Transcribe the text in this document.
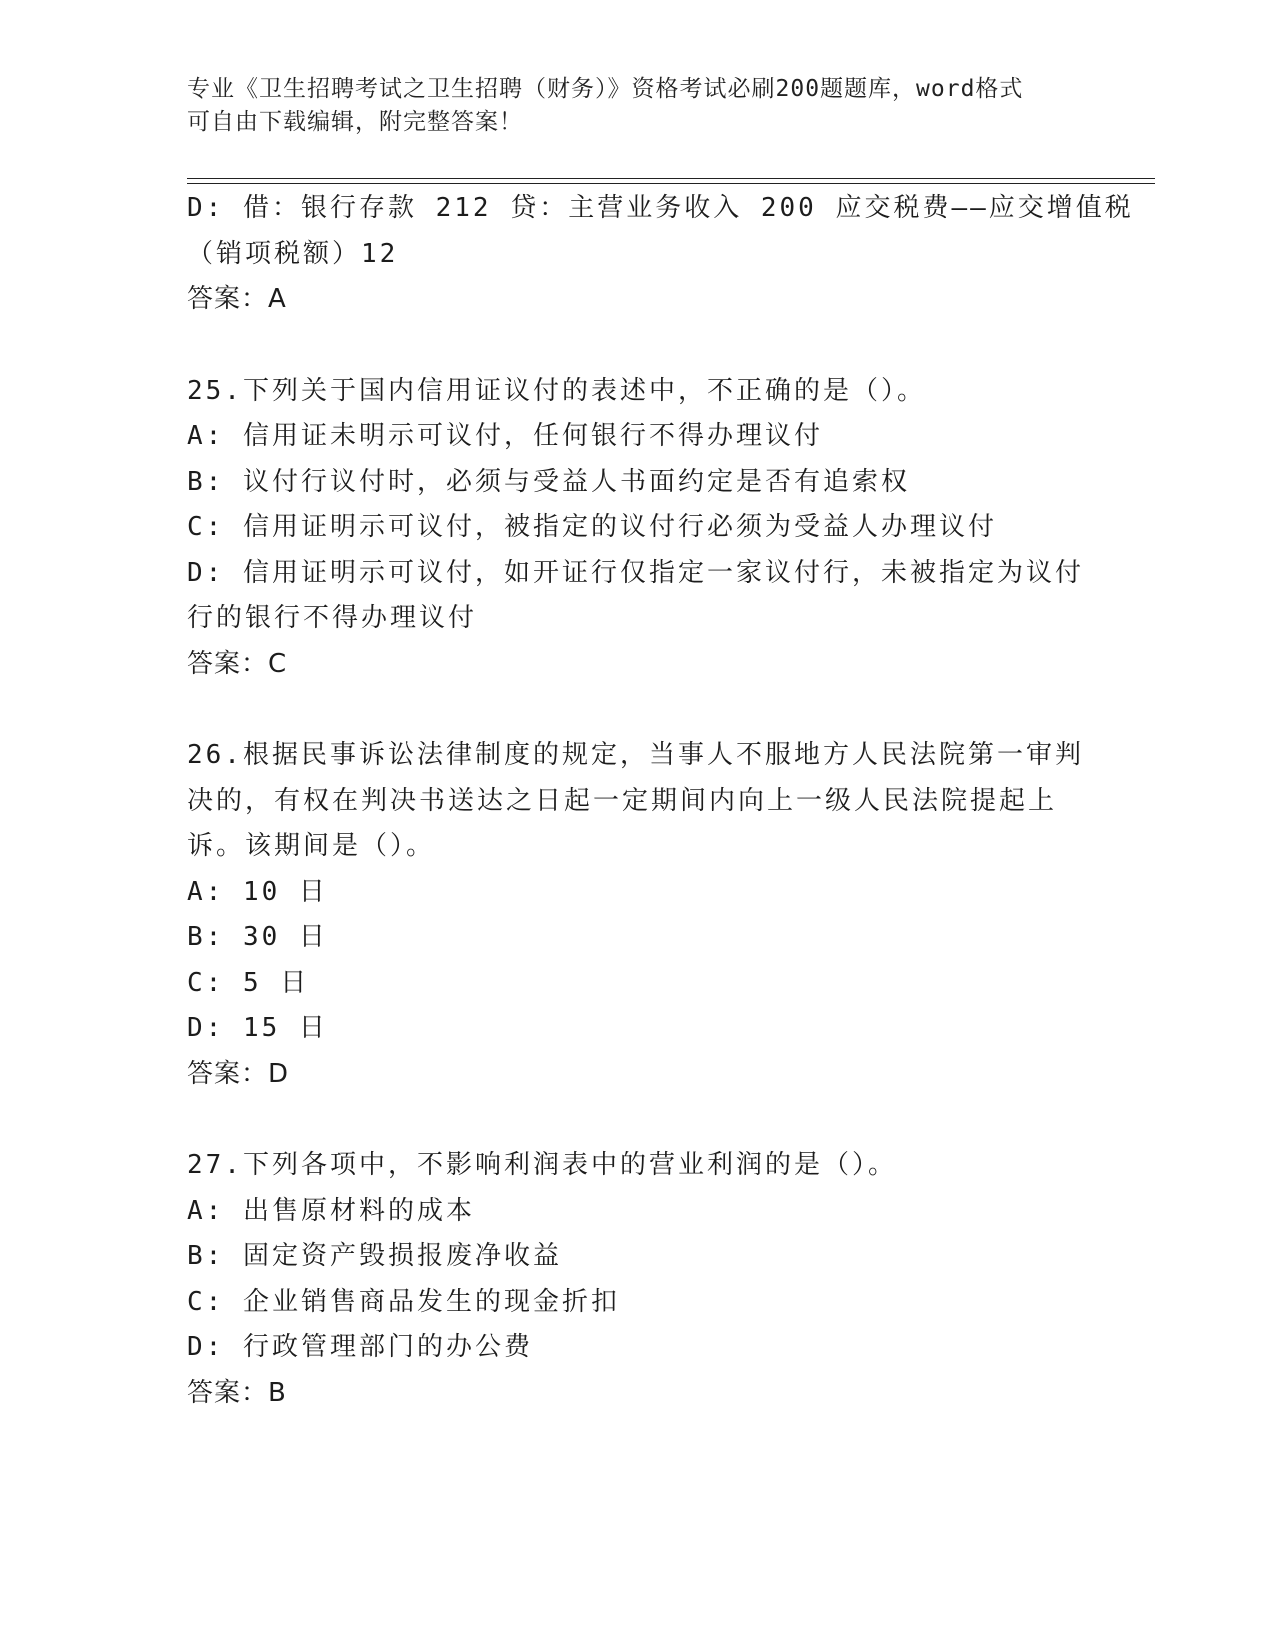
专业《卫生招聘考试之卫生招聘（财务）》资格考试必刷200题题库，word格式
可自由下载编辑，附完整答案！
D: 借：银行存款 212 贷：主营业务收入 200 应交税费——应交增值税
（销项税额）12
答案：A
25.下列关于国内信用证议付的表述中，不正确的是（）。
A: 信用证未明示可议付，任何银行不得办理议付
B: 议付行议付时，必须与受益人书面约定是否有追索权
C: 信用证明示可议付，被指定的议付行必须为受益人办理议付
D: 信用证明示可议付，如开证行仅指定一家议付行，未被指定为议付
行的银行不得办理议付
答案：C
26.根据民事诉讼法律制度的规定，当事人不服地方人民法院第一审判
决的，有权在判决书送达之日起一定期间内向上一级人民法院提起上
诉。该期间是（）。
A: 10 日
B: 30 日
C: 5 日
D: 15 日
答案：D
27.下列各项中，不影响利润表中的营业利润的是（）。
A: 出售原材料的成本
B: 固定资产毁损报废净收益
C: 企业销售商品发生的现金折扣
D: 行政管理部门的办公费
答案：B
